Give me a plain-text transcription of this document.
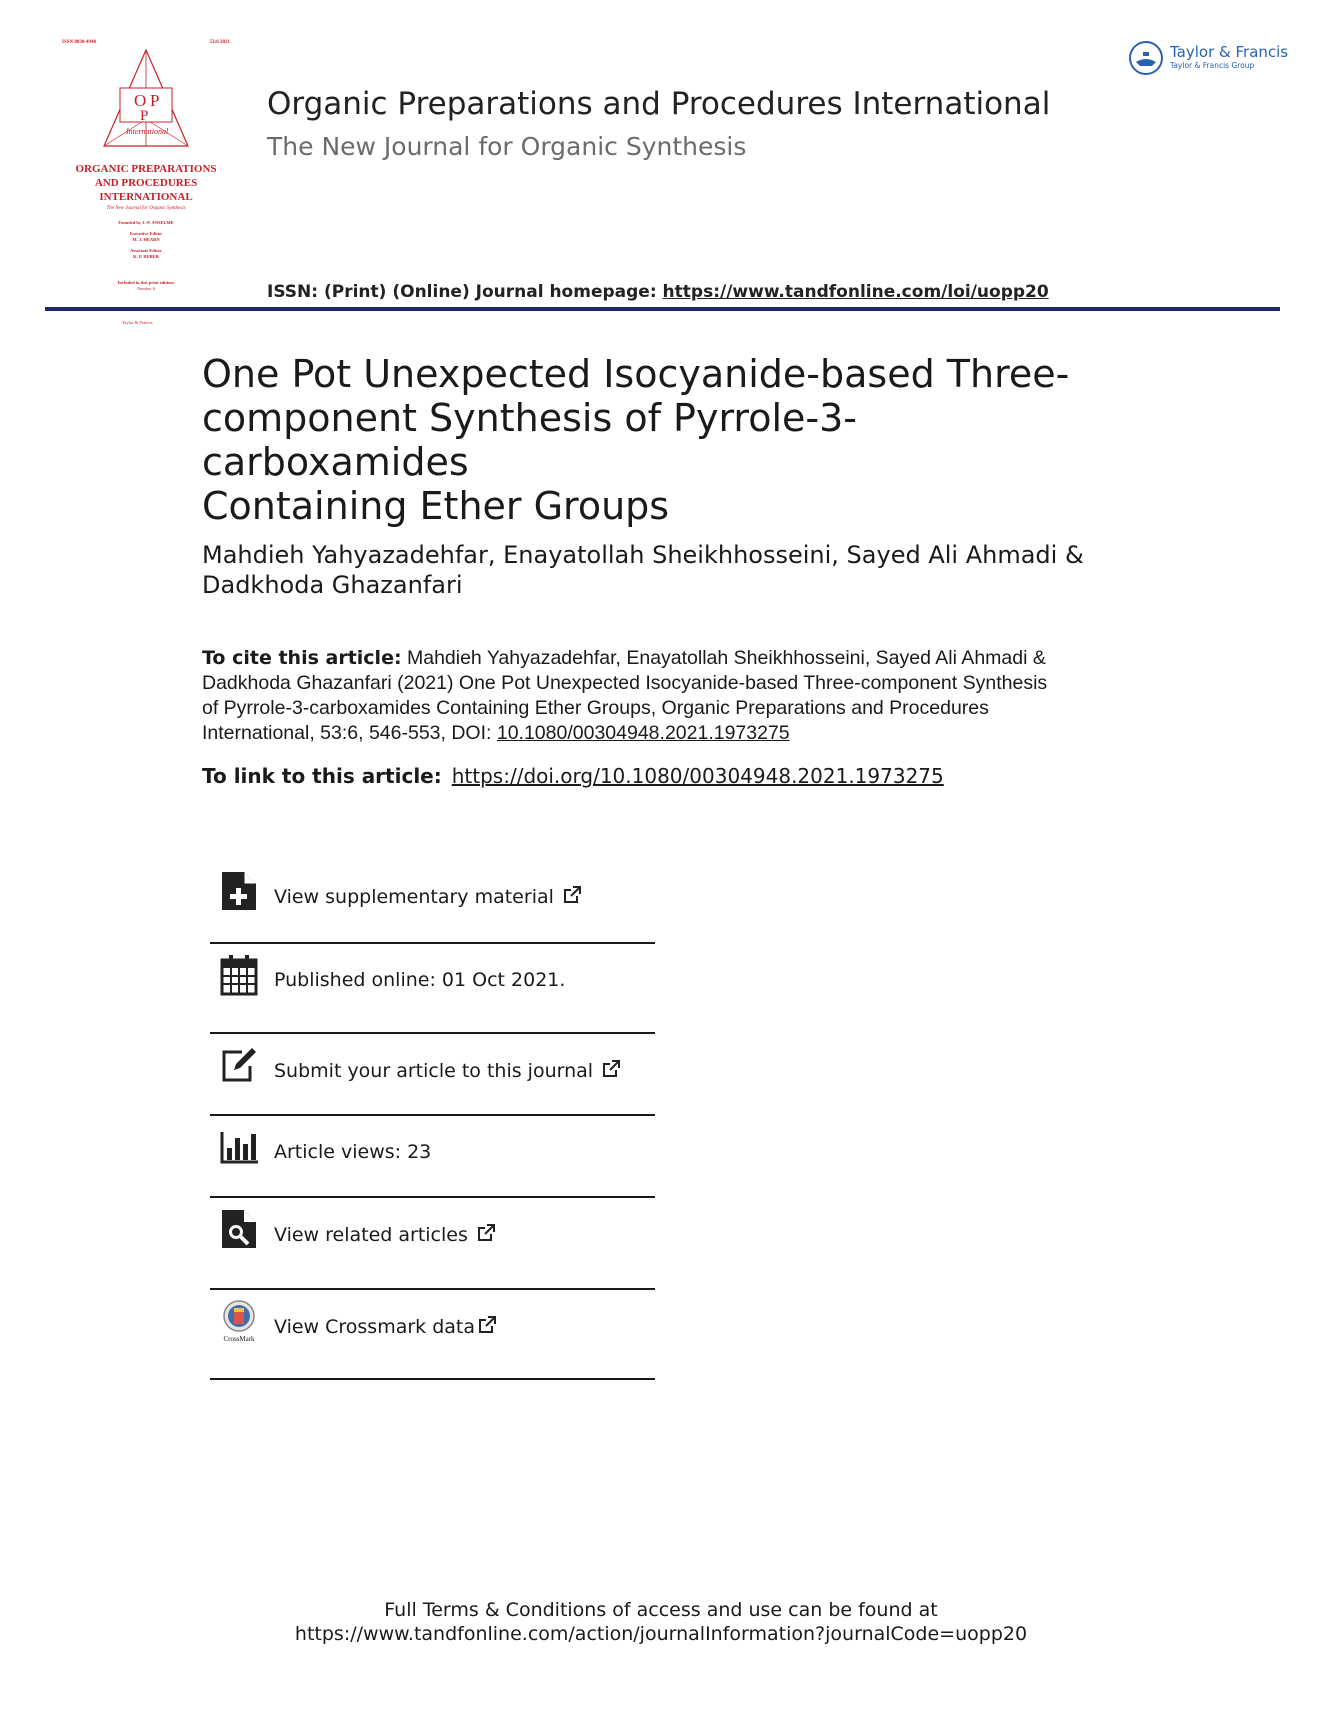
ISSN 0030-4948	53:6 2021
O P
P
International
ORGANIC PREPARATIONS
AND PROCEDURES
INTERNATIONAL
The New Journal for Organic Synthesis
Founded by J.-P. ANSELME
Executive Editor
M. J. HEARN
Associate Editor
K. P. REBER
Included in this print edition:
Number 6
Taylor & Francis
Organic Preparations and Procedures International
The New Journal for Organic Synthesis
ISSN: (Print) (Online) Journal homepage: https://www.tandfonline.com/loi/uopp20
Taylor & Francis
Taylor & Francis Group
One Pot Unexpected Isocyanide-based Three-
component Synthesis of Pyrrole-3-carboxamides
Containing Ether Groups
Mahdieh Yahyazadehfar, Enayatollah Sheikhhosseini, Sayed Ali Ahmadi &
Dadkhoda Ghazanfari
To cite this article: Mahdieh Yahyazadehfar, Enayatollah Sheikhhosseini, Sayed Ali Ahmadi &
Dadkhoda Ghazanfari (2021) One Pot Unexpected Isocyanide-based Three-component Synthesis
of Pyrrole-3-carboxamides Containing Ether Groups, Organic Preparations and Procedures
International, 53:6, 546-553, DOI: 10.1080/00304948.2021.1973275
To link to this article: https://doi.org/10.1080/00304948.2021.1973275
View supplementary material
Published online: 01 Oct 2021.
Submit your article to this journal
Article views: 23
View related articles
CrossMark
View Crossmark data
Full Terms & Conditions of access and use can be found at
https://www.tandfonline.com/action/journalInformation?journalCode=uopp20
